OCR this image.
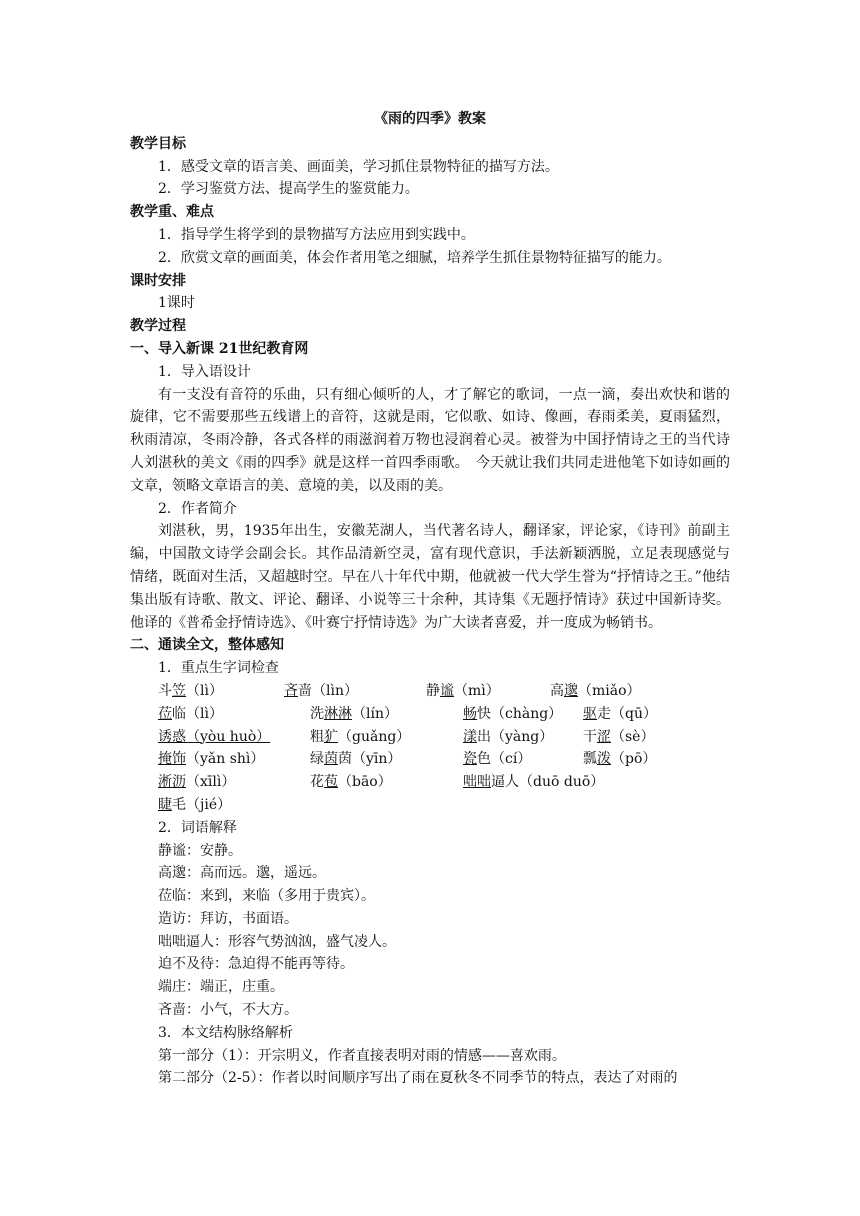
《雨的四季》教案

教学目标

1．感受文章的语言美、画面美，学习抓住景物特征的描写方法。

2．学习鉴赏方法、提高学生的鉴赏能力。

教学重、难点

1．指导学生将学到的景物描写方法应用到实践中。

2．欣赏文章的画面美，体会作者用笔之细腻，培养学生抓住景物特征描写的能力。

课时安排

1课时

教学过程

一、导入新课 21世纪教育网

1．导入语设计

有一支没有音符的乐曲，只有细心倾听的人，才了解它的歌词，一点一滴，奏出欢快和谐的旋律，它不需要那些五线谱上的音符，这就是雨，它似歌、如诗、像画，春雨柔美，夏雨猛烈，秋雨清凉，冬雨冷静，各式各样的雨滋润着万物也浸润着心灵。被誉为中国抒情诗之王的当代诗人刘湛秋的美文《雨的四季》就是这样一首四季雨歌。　今天就让我们共同走进他笔下如诗如画的文章，领略文章语言的美、意境的美，以及雨的美。

2．作者简介

刘湛秋，男，1935年出生，安徽芜湖人，当代著名诗人，翻译家，评论家，《诗刊》前副主编，中国散文诗学会副会长。其作品清新空灵，富有现代意识，手法新颖洒脱，立足表现感觉与情绪，既面对生活，又超越时空。早在八十年代中期，他就被一代大学生誉为“抒情诗之王。”他结集出版有诗歌、散文、评论、翻译、小说等三十余种，其诗集《无题抒情诗》获过中国新诗奖。他译的《普希金抒情诗选》、《叶赛宁抒情诗选》为广大读者喜爱，并一度成为畅销书。

二、通读全文，整体感知

1．重点生字词检查

斗笠（lì）	吝啬（lìn）	静谧（mì）	高邈（miǎo）
莅临（lì）	洗淋淋（lín）	畅快（chàng）	驱走（qū）
诱惑（yòu huò）	粗犷（guǎng）	漾出（yàng）	干涩（sè）
掩饰（yǎn shì）	绿茵茵（yīn）	瓷色（cí）	瓢泼（pō）
淅沥（xīlì）	花苞（bāo）	咄咄逼人（duō duō）
睫毛（jié）

2．词语解释

静谧：安静。

高邈：高而远。邈，遥远。

莅临：来到，来临（多用于贵宾）。

造访：拜访，书面语。

咄咄逼人：形容气势汹汹，盛气凌人。

迫不及待：急迫得不能再等待。

端庄：端正，庄重。

吝啬：小气，不大方。

3．本文结构脉络解析

第一部分（1）：开宗明义，作者直接表明对雨的情感——喜欢雨。

第二部分（2-5）：作者以时间顺序写出了雨在夏秋冬不同季节的特点，表达了对雨的
